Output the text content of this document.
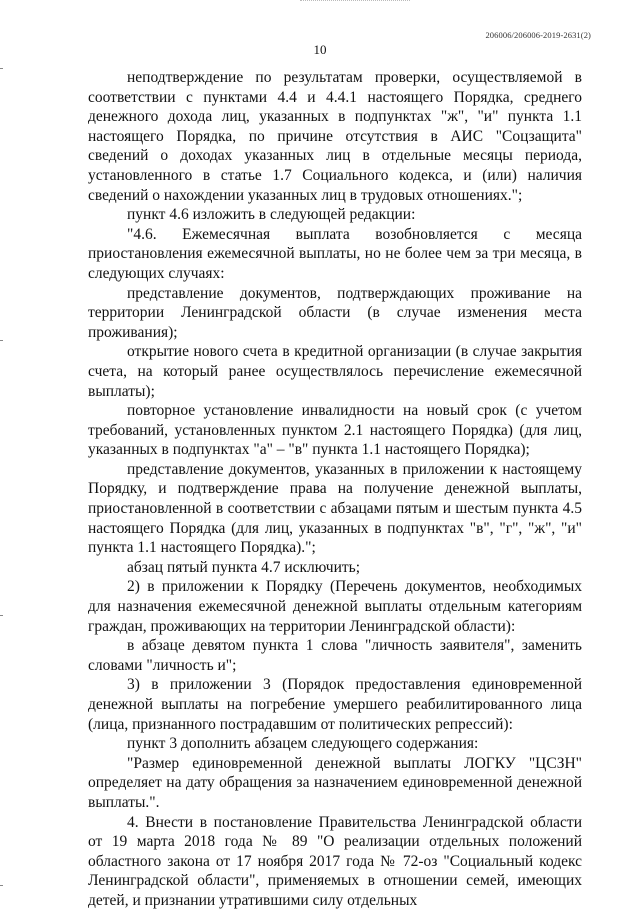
206006/206006-2019-2631(2)
10

неподтверждение по результатам проверки, осуществляемой в соответствии с пунктами 4.4 и 4.4.1 настоящего Порядка, среднего денежного дохода лиц, указанных в подпунктах "ж", "и" пункта 1.1 настоящего Порядка, по причине отсутствия в АИС "Соцзащита" сведений о доходах указанных лиц в отдельные месяцы периода, установленного в статье 1.7 Социального кодекса, и (или) наличия сведений о нахождении указанных лиц в трудовых отношениях.";

пункт 4.6 изложить в следующей редакции:

"4.6. Ежемесячная выплата возобновляется с месяца приостановления ежемесячной выплаты, но не более чем за три месяца, в следующих случаях:

представление документов, подтверждающих проживание на территории Ленинградской области (в случае изменения места проживания);

открытие нового счета в кредитной организации (в случае закрытия счета, на который ранее осуществлялось перечисление ежемесячной выплаты);

повторное установление инвалидности на новый срок (с учетом требований, установленных пунктом 2.1 настоящего Порядка) (для лиц, указанных в подпунктах "а" – "в" пункта 1.1 настоящего Порядка);

представление документов, указанных в приложении к настоящему Порядку, и подтверждение права на получение денежной выплаты, приостановленной в соответствии с абзацами пятым и шестым пункта 4.5 настоящего Порядка (для лиц, указанных в подпунктах "в", "г", "ж", "и" пункта 1.1 настоящего Порядка).";

абзац пятый пункта 4.7 исключить;

2) в приложении к Порядку (Перечень документов, необходимых для назначения ежемесячной денежной выплаты отдельным категориям граждан, проживающих на территории Ленинградской области):

в абзаце девятом пункта 1 слова "личность заявителя", заменить словами "личность и";

3) в приложении 3 (Порядок предоставления единовременной денежной выплаты на погребение умершего реабилитированного лица (лица, признанного пострадавшим от политических репрессий):

пункт 3 дополнить абзацем следующего содержания:

"Размер единовременной денежной выплаты ЛОГКУ "ЦСЗН" определяет на дату обращения за назначением единовременной денежной выплаты.".

4. Внести в постановление Правительства Ленинградской области от 19 марта 2018 года № 89 "О реализации отдельных положений областного закона от 17 ноября 2017 года № 72-оз "Социальный кодекс Ленинградской области", применяемых в отношении семей, имеющих детей, и признании утратившими силу отдельных
